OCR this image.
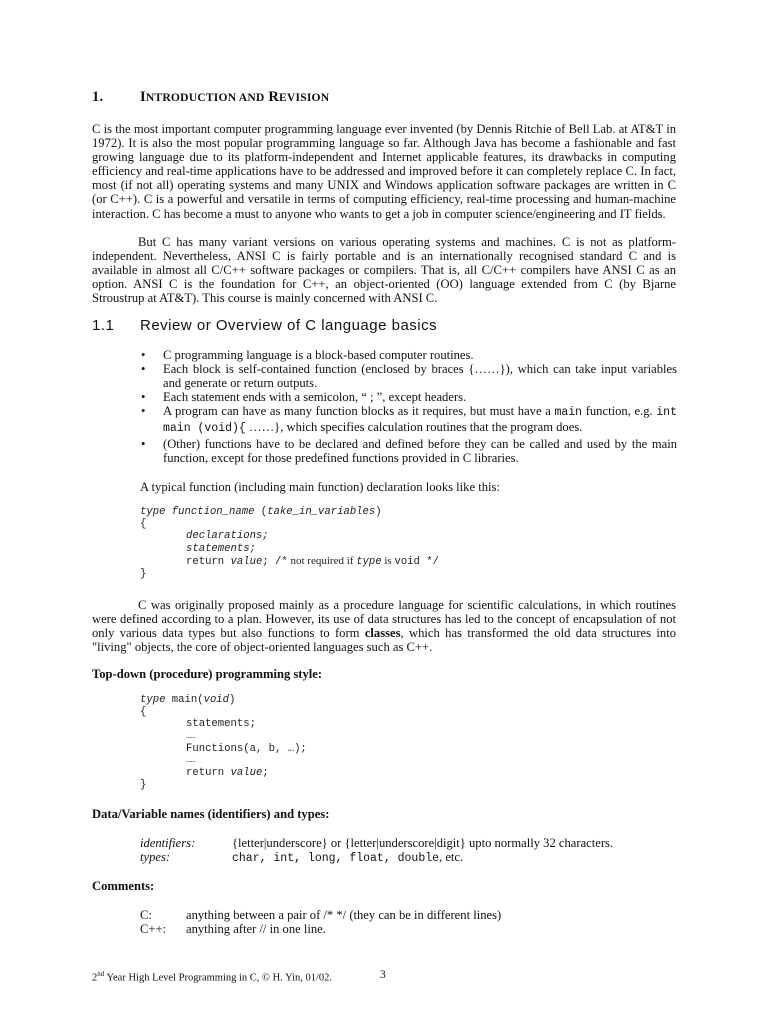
1.	INTRODUCTION AND REVISION
C is the most important computer programming language ever invented (by Dennis Ritchie of Bell Lab. at AT&T in 1972). It is also the most popular programming language so far. Although Java has become a fashionable and fast growing language due to its platform-independent and Internet applicable features, its drawbacks in computing efficiency and real-time applications have to be addressed and improved before it can completely replace C. In fact, most (if not all) operating systems and many UNIX and Windows application software packages are written in C (or C++). C is a powerful and versatile in terms of computing efficiency, real-time processing and human-machine interaction. C has become a must to anyone who wants to get a job in computer science/engineering and IT fields.
But C has many variant versions on various operating systems and machines. C is not as platform-independent. Nevertheless, ANSI C is fairly portable and is an internationally recognised standard C and is available in almost all C/C++ software packages or compilers. That is, all C/C++ compilers have ANSI C as an option. ANSI C is the foundation for C++, an object-oriented (OO) language extended from C (by Bjarne Stroustrup at AT&T). This course is mainly concerned with ANSI C.
1.1 Review or Overview of C language basics
• C programming language is a block-based computer routines.
• Each block is self-contained function (enclosed by braces {……}), which can take input variables and generate or return outputs.
• Each statement ends with a semicolon, “ ; ”, except headers.
• A program can have as many function blocks as it requires, but must have a main function, e.g. int main (void){ ……}, which specifies calculation routines that the program does.
• (Other) functions have to be declared and defined before they can be called and used by the main function, except for those predefined functions provided in C libraries.
A typical function (including main function) declaration looks like this:
type function_name (take_in_variables)
{
declarations;
statements;
return value; /* not required if type is void */
}
C was originally proposed mainly as a procedure language for scientific calculations, in which routines were defined according to a plan. However, its use of data structures has led to the concept of encapsulation of not only various data types but also functions to form classes, which has transformed the old data structures into "living" objects, the core of object-oriented languages such as C++.
Top-down (procedure) programming style:
type main(void)
{
statements;
……
Functions(a, b, …);
……
return value;
}
Data/Variable names (identifiers) and types:
identifiers:	{letter|underscore} or {letter|underscore|digit} upto normally 32 characters.
types:	char, int, long, float, double, etc.
Comments:
C:	anything between a pair of /* */ (they can be in different lines)
C++: anything after // in one line.
2nd Year High Level Programming in C, © H. Yin, 01/02.	3
